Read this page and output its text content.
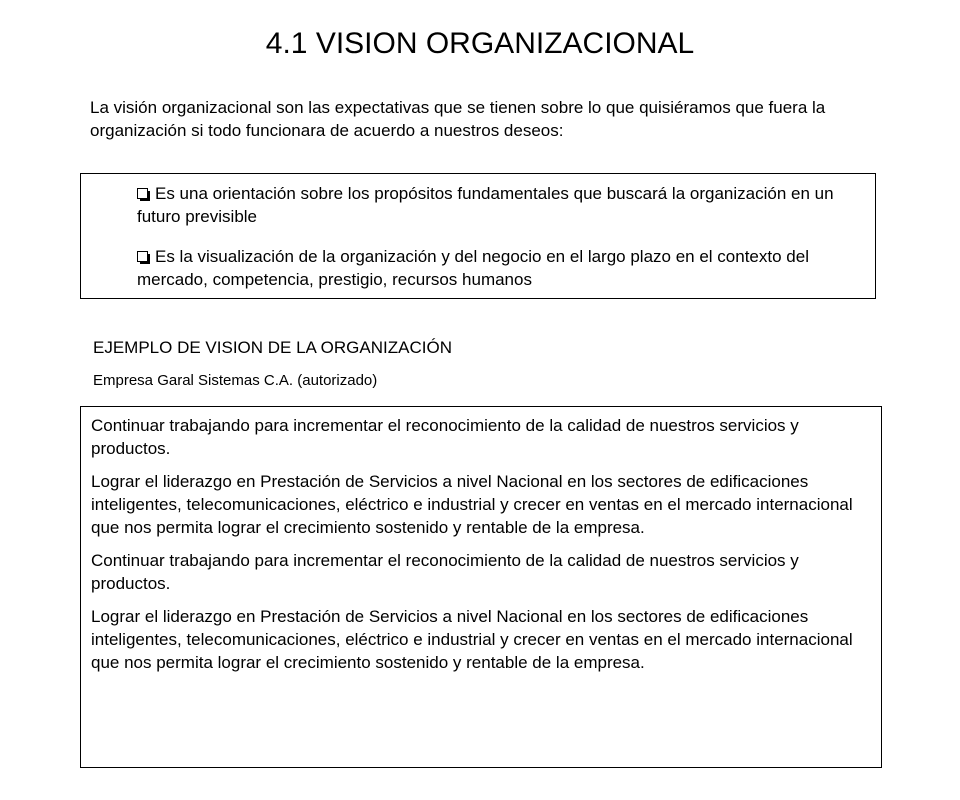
4.1 VISION ORGANIZACIONAL

La visión organizacional son las expectativas que se tienen sobre lo que quisiéramos que fuera la organización si todo funcionara de acuerdo a nuestros deseos:

Es una orientación sobre los propósitos fundamentales que buscará la organización en un futuro previsible

Es la visualización de la organización y del negocio en el largo plazo en el contexto del mercado, competencia, prestigio, recursos humanos

EJEMPLO DE VISION DE LA ORGANIZACIÓN

Empresa Garal Sistemas C.A. (autorizado)

Continuar trabajando para incrementar el reconocimiento de la calidad de nuestros servicios y productos.

Lograr el liderazgo en Prestación de Servicios a nivel Nacional en los sectores de edificaciones inteligentes, telecomunicaciones, eléctrico e industrial y crecer en ventas en el mercado internacional que nos permita lograr el crecimiento sostenido y rentable de la empresa.

Continuar trabajando para incrementar el reconocimiento de la calidad de nuestros servicios y productos.

Lograr el liderazgo en Prestación de Servicios a nivel Nacional en los sectores de edificaciones inteligentes, telecomunicaciones, eléctrico e industrial y crecer en ventas en el mercado internacional que nos permita lograr el crecimiento sostenido y rentable de la empresa.
